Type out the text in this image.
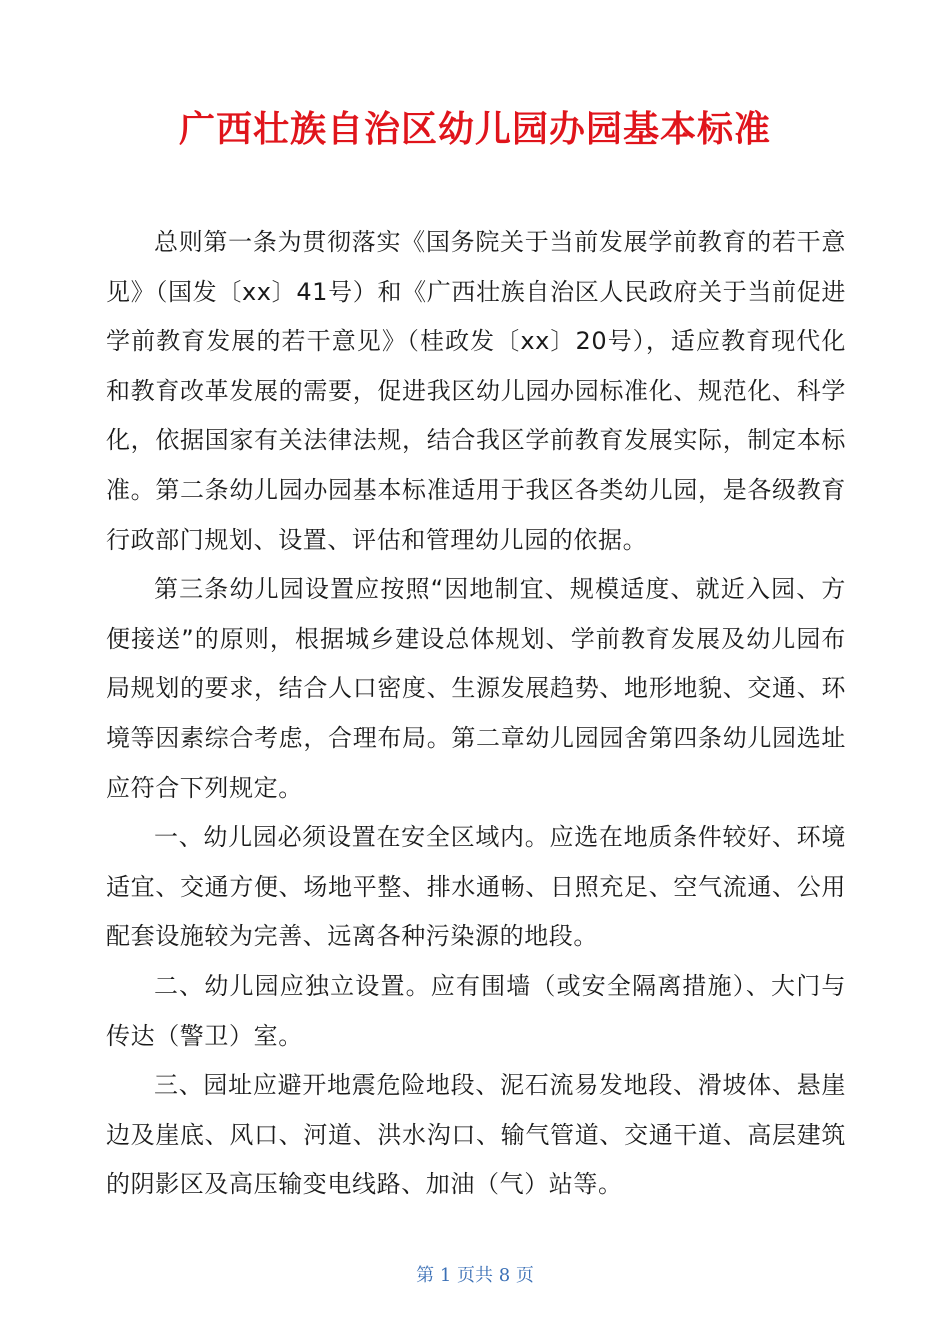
广西壮族自治区幼儿园办园基本标准

总则第一条为贯彻落实《国务院关于当前发展学前教育的若干意见》（国发〔xx〕41号）和《广西壮族自治区人民政府关于当前促进学前教育发展的若干意见》（桂政发〔xx〕20号），适应教育现代化和教育改革发展的需要，促进我区幼儿园办园标准化、规范化、科学化，依据国家有关法律法规，结合我区学前教育发展实际，制定本标准。第二条幼儿园办园基本标准适用于我区各类幼儿园，是各级教育行政部门规划、设置、评估和管理幼儿园的依据。

第三条幼儿园设置应按照“因地制宜、规模适度、就近入园、方便接送”的原则，根据城乡建设总体规划、学前教育发展及幼儿园布局规划的要求，结合人口密度、生源发展趋势、地形地貌、交通、环境等因素综合考虑，合理布局。第二章幼儿园园舍第四条幼儿园选址应符合下列规定。

一、幼儿园必须设置在安全区域内。应选在地质条件较好、环境适宜、交通方便、场地平整、排水通畅、日照充足、空气流通、公用配套设施较为完善、远离各种污染源的地段。

二、幼儿园应独立设置。应有围墙（或安全隔离措施）、大门与传达（警卫）室。

三、园址应避开地震危险地段、泥石流易发地段、滑坡体、悬崖边及崖底、风口、河道、洪水沟口、输气管道、交通干道、高层建筑的阴影区及高压输变电线路、加油（气）站等。

第 1 页共 8 页
